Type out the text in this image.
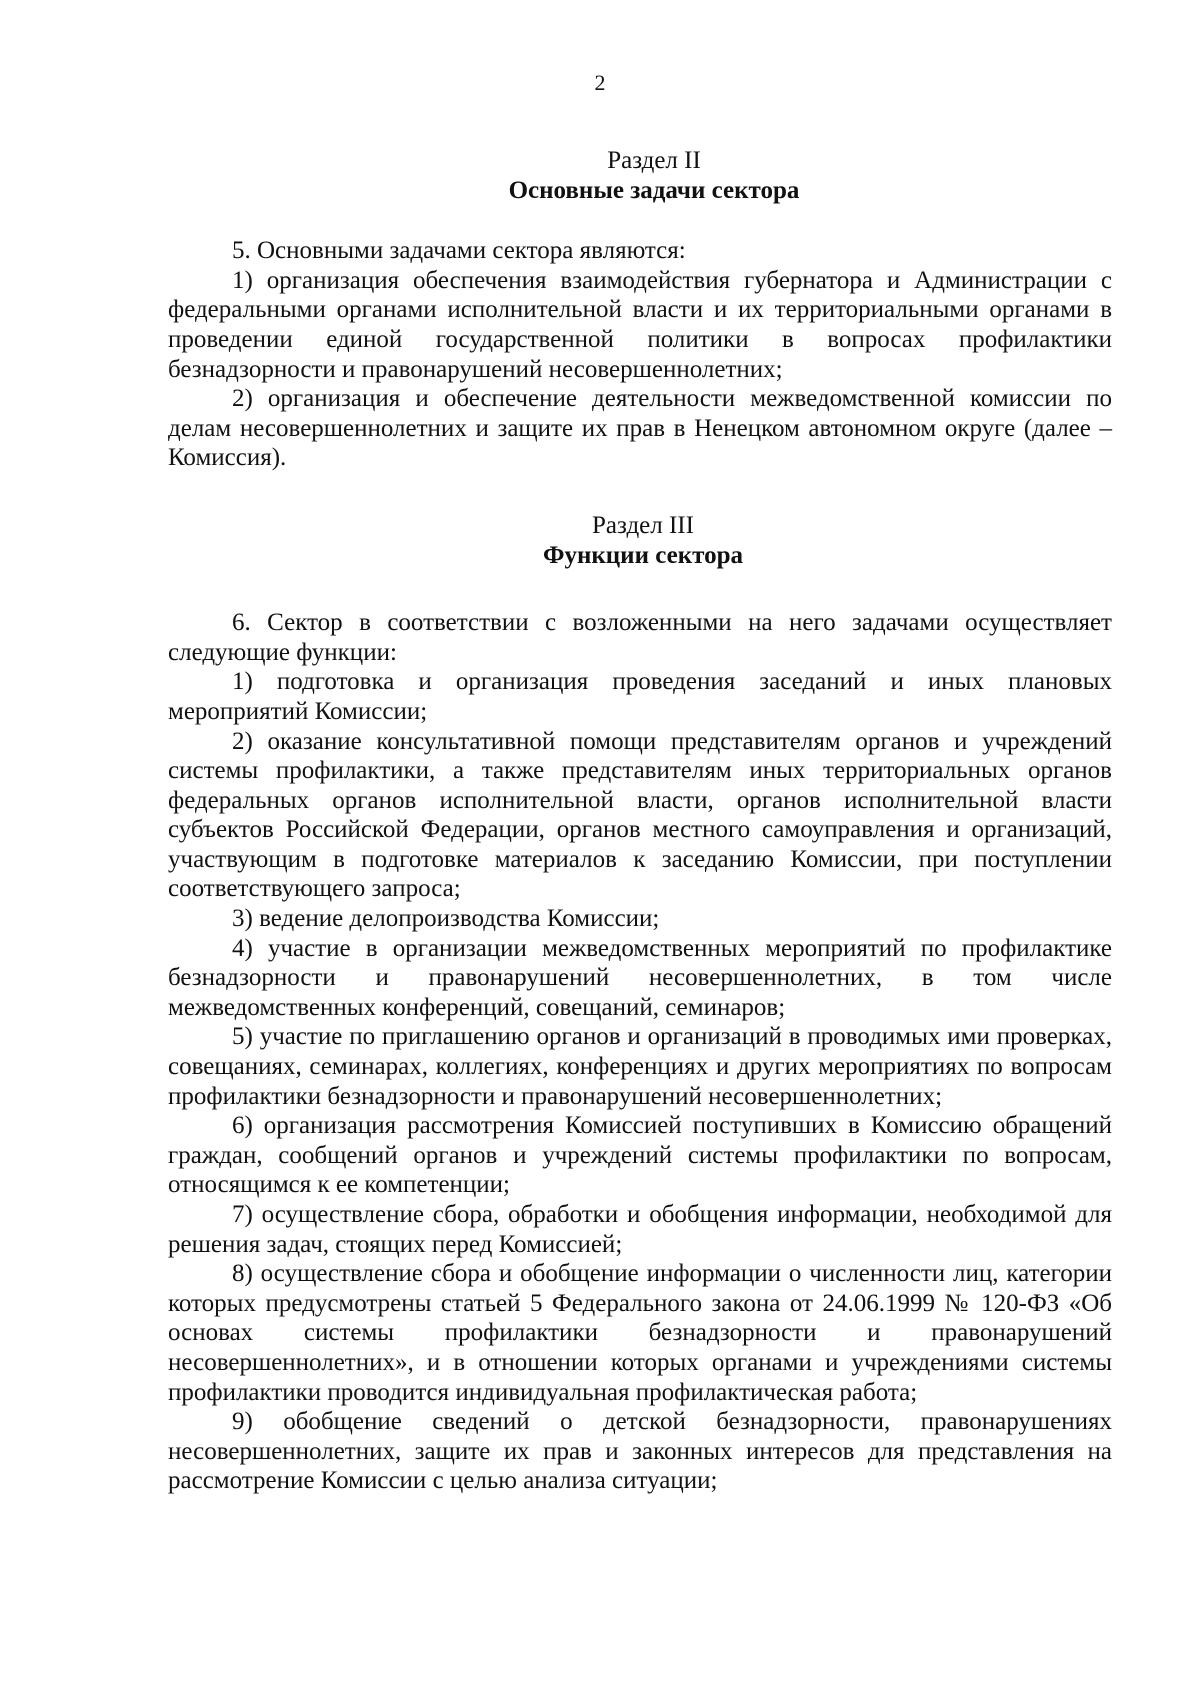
2
Раздел II
Основные задачи сектора

5. Основными задачами сектора являются:

1) организация обеспечения взаимодействия губернатора и Администрации с федеральными органами исполнительной власти и их территориальными органами в проведении единой государственной политики в вопросах профилактики безнадзорности и правонарушений несовершеннолетних;

2) организация и обеспечение деятельности межведомственной комиссии по делам несовершеннолетних и защите их прав в Ненецком автономном округе (далее – Комиссия).

Раздел III
Функции сектора

6. Сектор в соответствии с возложенными на него задачами осуществляет следующие функции:

1) подготовка и организация проведения заседаний и иных плановых мероприятий Комиссии;

2) оказание консультативной помощи представителям органов и учреждений системы профилактики, а также представителям иных территориальных органов федеральных органов исполнительной власти, органов исполнительной власти субъектов Российской Федерации, органов местного самоуправления и организаций, участвующим в подготовке материалов к заседанию Комиссии, при поступлении соответствующего запроса;

3) ведение делопроизводства Комиссии;

4) участие в организации межведомственных мероприятий по профилактике безнадзорности и правонарушений несовершеннолетних, в том числе межведомственных конференций, совещаний, семинаров;

5) участие по приглашению органов и организаций в проводимых ими проверках, совещаниях, семинарах, коллегиях, конференциях и других мероприятиях по вопросам профилактики безнадзорности и правонарушений несовершеннолетних;

6) организация рассмотрения Комиссией поступивших в Комиссию обращений граждан, сообщений органов и учреждений системы профилактики по вопросам, относящимся к ее компетенции;

7) осуществление сбора, обработки и обобщения информации, необходимой для решения задач, стоящих перед Комиссией;

8) осуществление сбора и обобщение информации о численности лиц, категории которых предусмотрены статьей 5 Федерального закона от 24.06.1999 № 120-ФЗ «Об основах системы профилактики безнадзорности и правонарушений несовершеннолетних», и в отношении которых органами и учреждениями системы профилактики проводится индивидуальная профилактическая работа;

9) обобщение сведений о детской безнадзорности, правонарушениях несовершеннолетних, защите их прав и законных интересов для представления на рассмотрение Комиссии с целью анализа ситуации;
